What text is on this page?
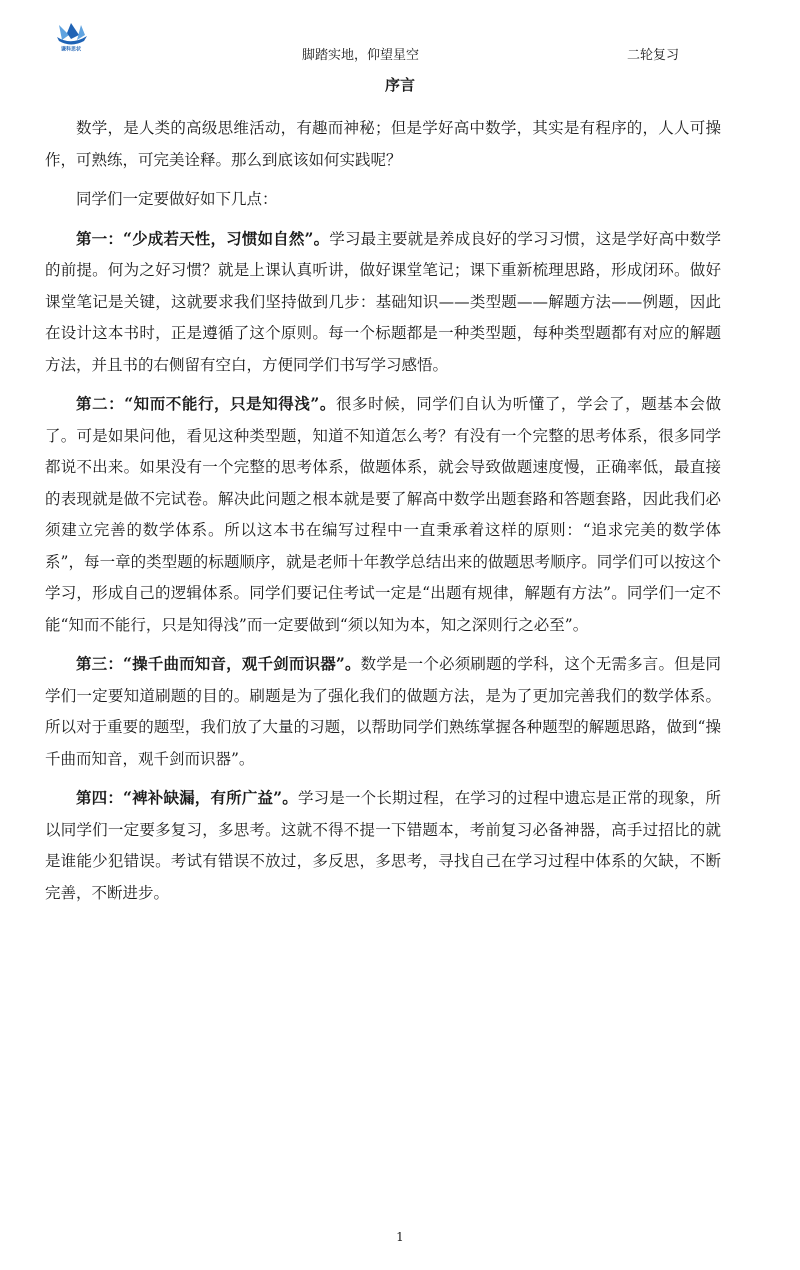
谦科思状	脚踏实地，仰望星空	二轮复习
序言

数学，是人类的高级思维活动，有趣而神秘；但是学好高中数学，其实是有程序的，人人可操作，可熟练，可完美诠释。那么到底该如何实践呢？

同学们一定要做好如下几点：

第一：“少成若天性，习惯如自然”。学习最主要就是养成良好的学习习惯，这是学好高中数学的前提。何为之好习惯？就是上课认真听讲，做好课堂笔记；课下重新梳理思路，形成闭环。做好课堂笔记是关键，这就要求我们坚持做到几步：基础知识——类型题——解题方法——例题，因此在设计这本书时，正是遵循了这个原则。每一个标题都是一种类型题，每种类型题都有对应的解题方法，并且书的右侧留有空白，方便同学们书写学习感悟。

第二：“知而不能行，只是知得浅”。很多时候，同学们自认为听懂了，学会了，题基本会做了。可是如果问他，看见这种类型题，知道不知道怎么考？有没有一个完整的思考体系，很多同学都说不出来。如果没有一个完整的思考体系，做题体系，就会导致做题速度慢，正确率低，最直接的表现就是做不完试卷。解决此问题之根本就是要了解高中数学出题套路和答题套路，因此我们必须建立完善的数学体系。所以这本书在编写过程中一直秉承着这样的原则：“追求完美的数学体系”，每一章的类型题的标题顺序，就是老师十年教学总结出来的做题思考顺序。同学们可以按这个学习，形成自己的逻辑体系。同学们要记住考试一定是“出题有规律，解题有方法”。同学们一定不能“知而不能行，只是知得浅”而一定要做到“须以知为本，知之深则行之必至”。

第三：“操千曲而知音，观千剑而识器”。数学是一个必须刷题的学科，这个无需多言。但是同学们一定要知道刷题的目的。刷题是为了强化我们的做题方法，是为了更加完善我们的数学体系。所以对于重要的题型，我们放了大量的习题，以帮助同学们熟练掌握各种题型的解题思路，做到“操千曲而知音，观千剑而识器”。

第四：“裨补缺漏，有所广益”。学习是一个长期过程，在学习的过程中遗忘是正常的现象，所以同学们一定要多复习，多思考。这就不得不提一下错题本，考前复习必备神器，高手过招比的就是谁能少犯错误。考试有错误不放过，多反思，多思考，寻找自己在学习过程中体系的欠缺，不断完善，不断进步。

1
